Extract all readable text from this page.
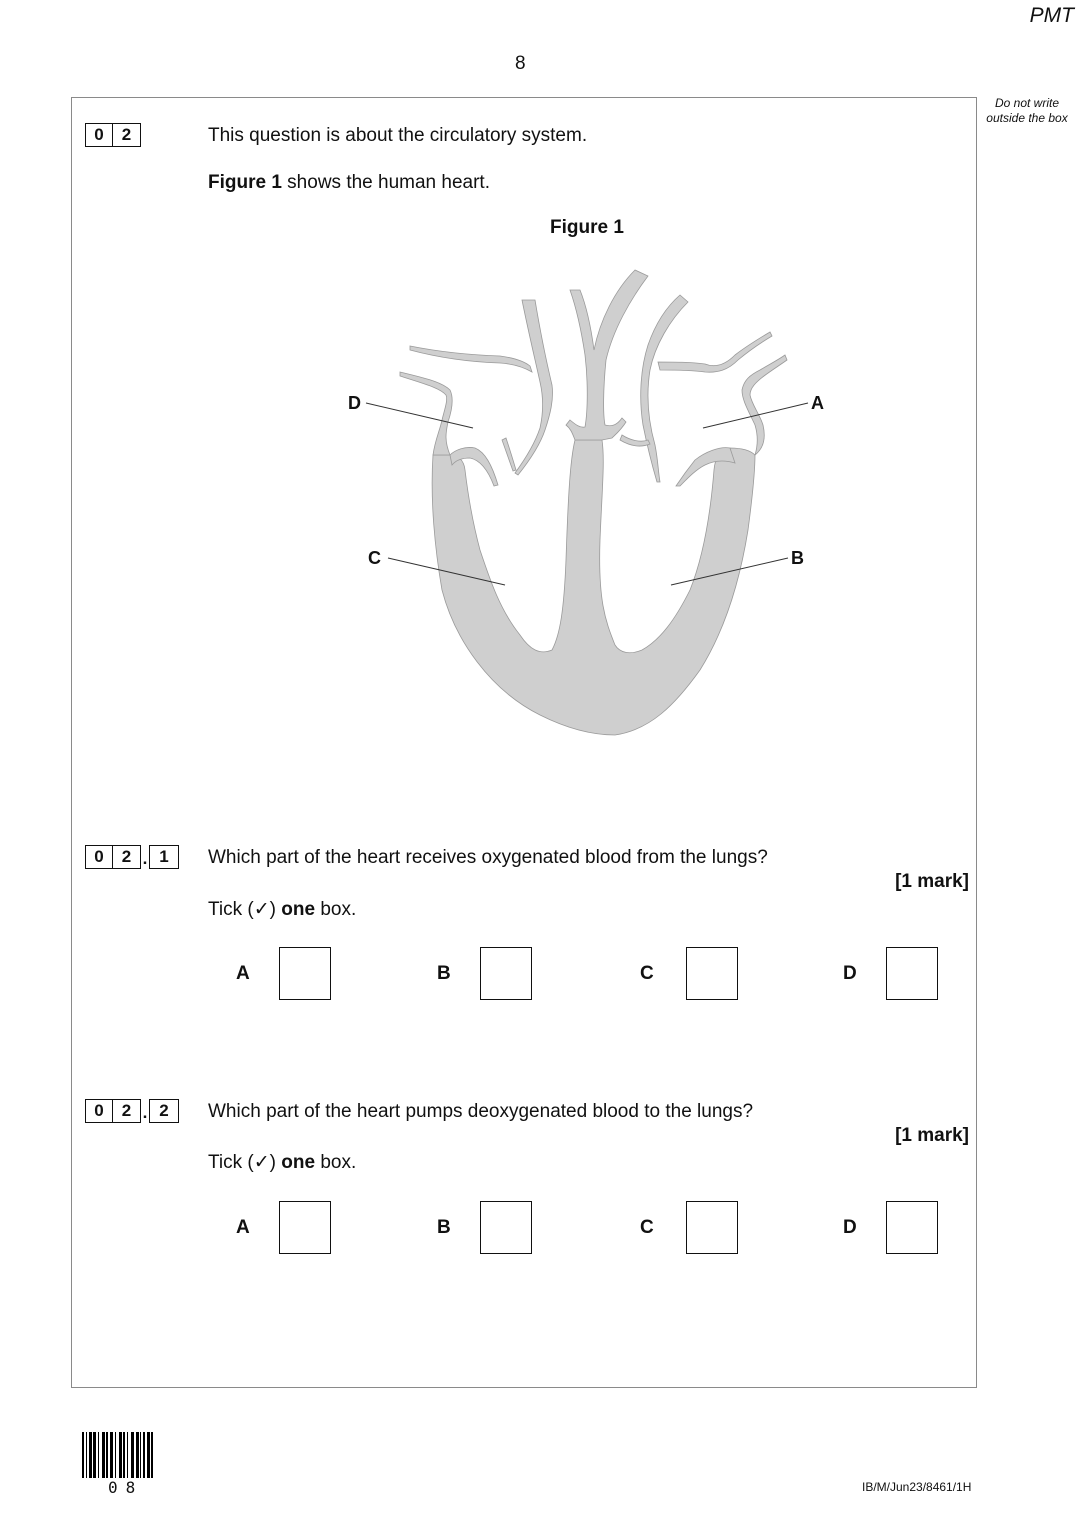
PMT
8
Do not write outside the box
0	2	This question is about the circulatory system.
Figure 1 shows the human heart.
Figure 1
D	A
C	B
0	2 . 1	Which part of the heart receives oxygenated blood from the lungs?
[1 mark]
Tick (✓) one box.
A	B	C	D
0	2 . 2	Which part of the heart pumps deoxygenated blood to the lungs?
[1 mark]
Tick (✓) one box.
A	B	C	D
08	IB/M/Jun23/8461/1H
